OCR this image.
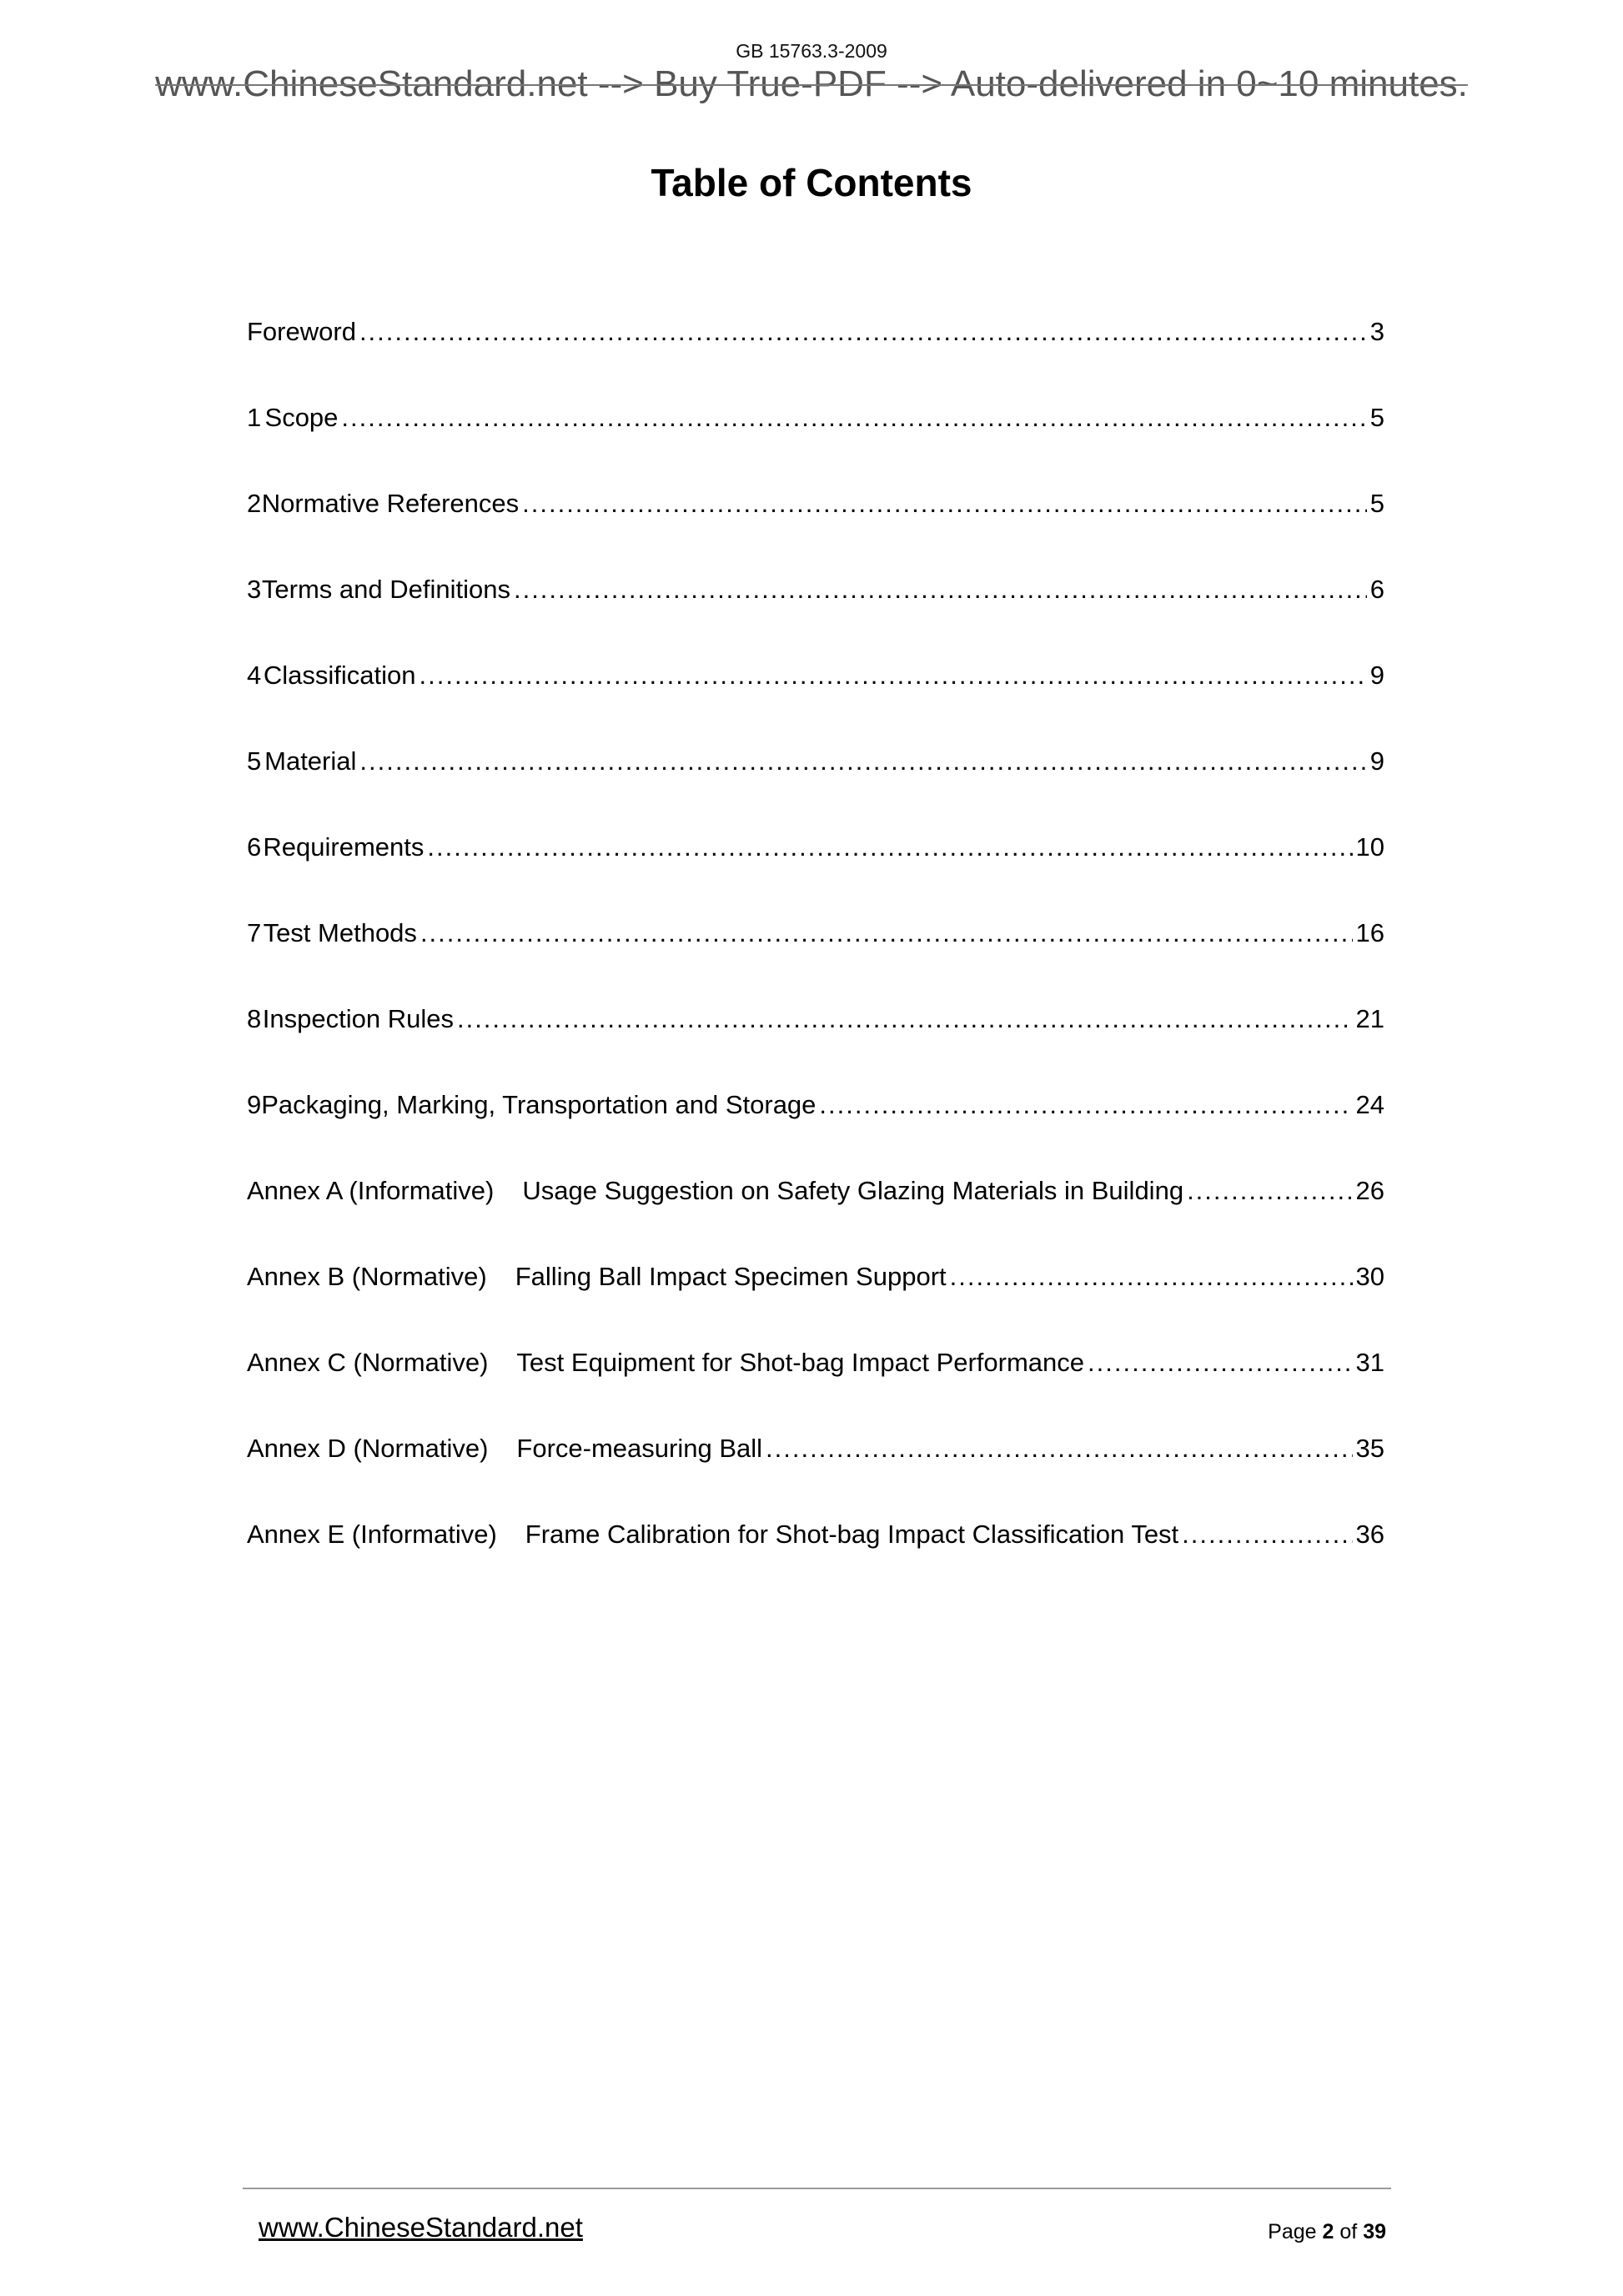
GB 15763.3-2009
www.ChineseStandard.net --> Buy True-PDF --> Auto-delivered in 0~10 minutes.
Table of Contents
Foreword .....	3
1 Scope .....	5
2 Normative References .....	5
3 Terms and Definitions .....	6
4 Classification .....	9
5 Material .....	9
6 Requirements .....	10
7 Test Methods .....	16
8 Inspection Rules .....	21
9 Packaging, Marking, Transportation and Storage .....	24
Annex A (Informative) Usage Suggestion on Safety Glazing Materials in Building .....	26
Annex B (Normative) Falling Ball Impact Specimen Support .....	30
Annex C (Normative) Test Equipment for Shot-bag Impact Performance .....	31
Annex D (Normative) Force-measuring Ball .....	35
Annex E (Informative) Frame Calibration for Shot-bag Impact Classification Test .....	36
www.ChineseStandard.net	Page 2 of 39
